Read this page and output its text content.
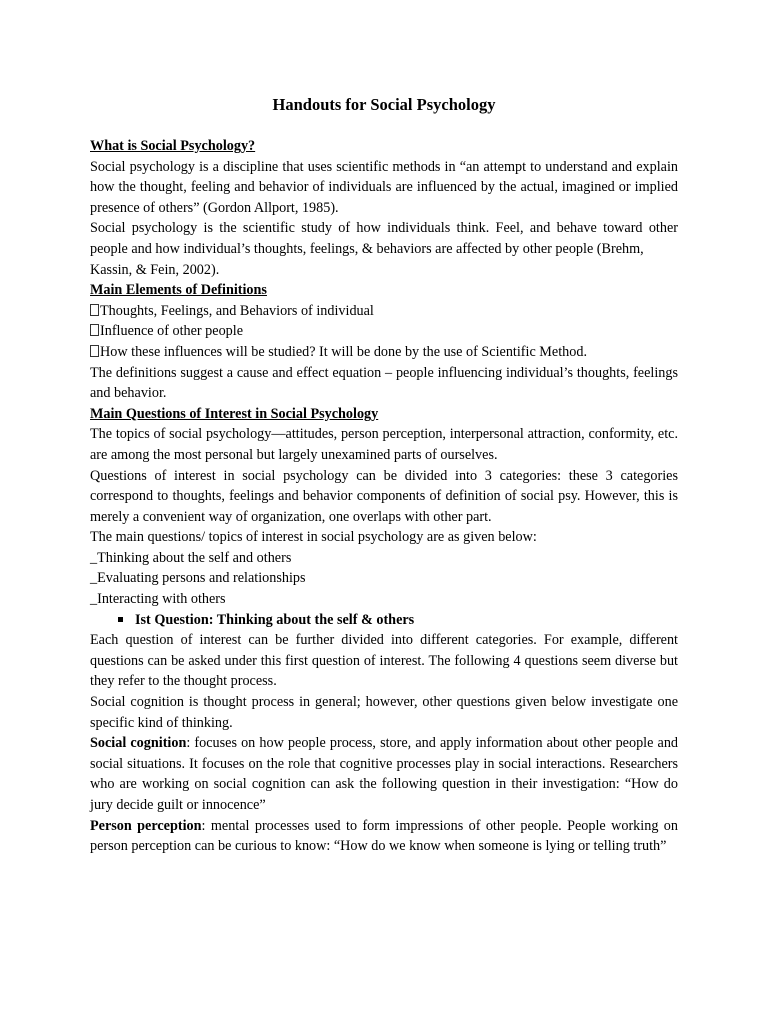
Handouts for Social Psychology
What is Social Psychology?

Social psychology is a discipline that uses scientific methods in “an attempt to understand and explain how the thought, feeling and behavior of individuals are influenced by the actual, imagined or implied presence of others” (Gordon Allport, 1985).

Social psychology is the scientific study of how individuals think. Feel, and behave toward other people and how individual’s thoughts, feelings, & behaviors are affected by other people (Brehm,

Kassin, & Fein, 2002).
Main Elements of Definitions
Thoughts, Feelings, and Behaviors of individual
Influence of other people
How these influences will be studied? It will be done by the use of Scientific Method.

The definitions suggest a cause and effect equation – people influencing individual’s thoughts, feelings and behavior.

Main Questions of Interest in Social Psychology

The topics of social psychology—attitudes, person perception, interpersonal attraction, conformity, etc. are among the most personal but largely unexamined parts of ourselves.

Questions of interest in social psychology can be divided into 3 categories: these 3 categories correspond to thoughts, feelings and behavior components of definition of social psy. However, this is merely a convenient way of organization, one overlaps with other part.

The main questions/ topics of interest in social psychology are as given below:
_Thinking about the self and others
_Evaluating persons and relationships
_Interacting with others
Ist Question: Thinking about the self & others

Each question of interest can be further divided into different categories. For example, different questions can be asked under this first question of interest. The following 4 questions seem diverse but they refer to the thought process.

Social cognition is thought process in general; however, other questions given below investigate one specific kind of thinking.

Social cognition: focuses on how people process, store, and apply information about other people and social situations. It focuses on the role that cognitive processes play in social interactions. Researchers who are working on social cognition can ask the following question in their investigation: “How do jury decide guilt or innocence”

Person perception: mental processes used to form impressions of other people. People working on person perception can be curious to know: “How do we know when someone is lying or telling truth”
